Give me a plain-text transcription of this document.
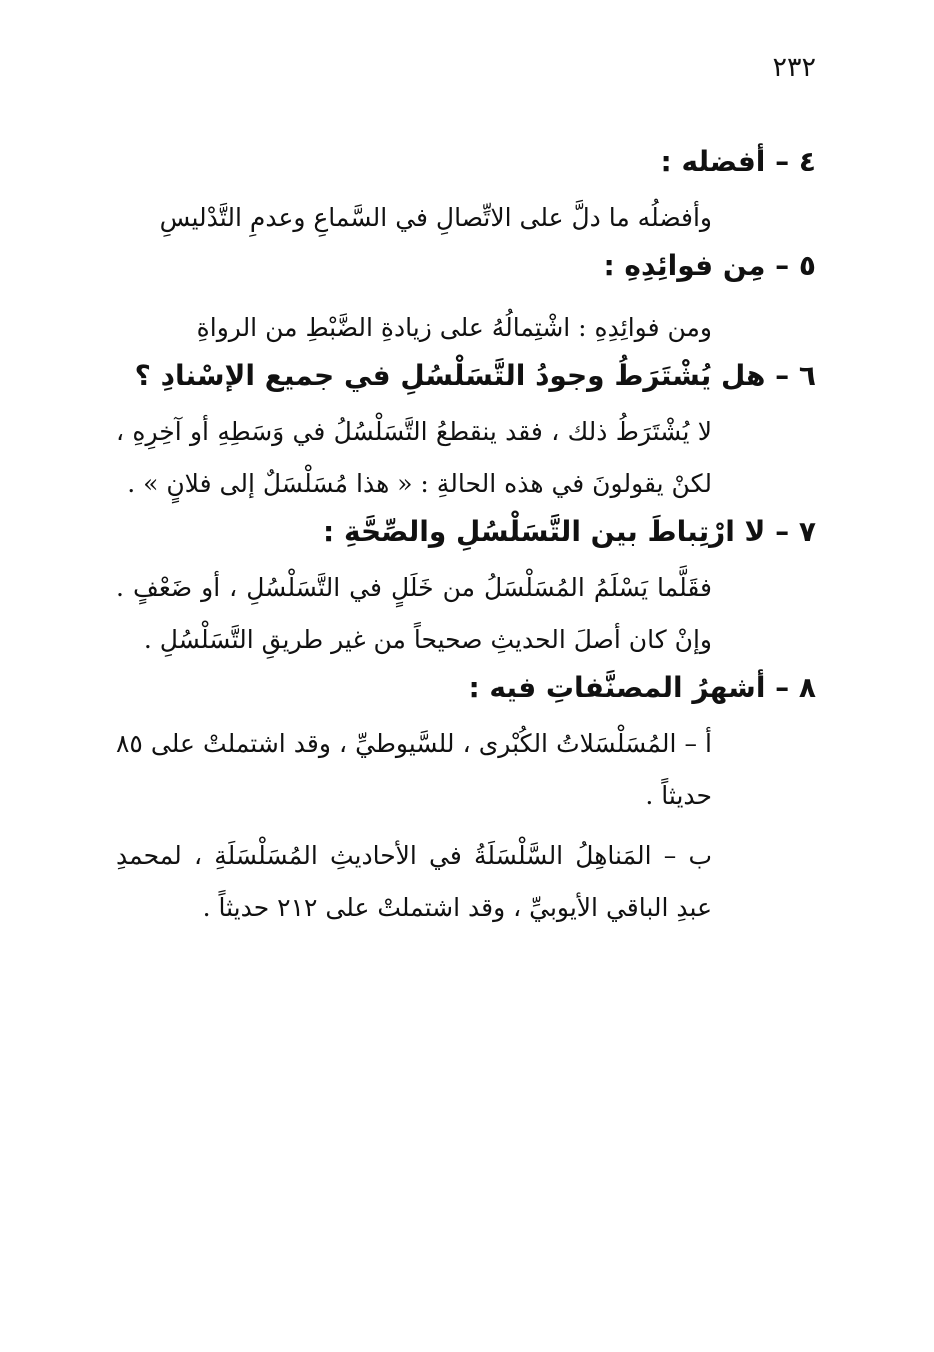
٢٣٢
٤ – أفضله :

وأفضلُه ما دلَّ على الاتِّصالِ في السَّماعِ وعدمِ التَّدْليسِ

٥ – مِن فوائِدِهِ :

ومن فوائِدِهِ : اشْتِمالُهُ على زيادةِ الضَّبْطِ من الرواةِ

٦ – هل يُشْتَرَطُ وجودُ التَّسَلْسُلِ في جميع الإسْنادِ ؟

لا يُشْتَرَطُ ذلك ، فقد ينقطعُ التَّسَلْسُلُ في وَسَطِهِ أو آخِرِهِ ، لكنْ يقولونَ في هذه الحالةِ : « هذا مُسَلْسَلٌ إلى فلانٍ » .

٧ – لا ارْتِباطَ بين التَّسَلْسُلِ والصِّحَّةِ :

فقَلَّما يَسْلَمُ المُسَلْسَلُ من خَلَلٍ في التَّسَلْسُلِ ، أو ضَعْفٍ . وإنْ كان أصلَ الحديثِ صحيحاً من غير طريقِ التَّسَلْسُلِ .

٨ – أشهرُ المصنَّفاتِ فيه :

أ – المُسَلْسَلاتُ الكُبْرى ، للسَّيوطيِّ ، وقد اشتملتْ على ٨٥ حديثاً .

ب – المَناهِلُ السَّلْسَلَةُ في الأحاديثِ المُسَلْسَلَةِ ، لمحمدِ عبدِ الباقي الأيوبيِّ ، وقد اشتملتْ على ٢١٢ حديثاً .
